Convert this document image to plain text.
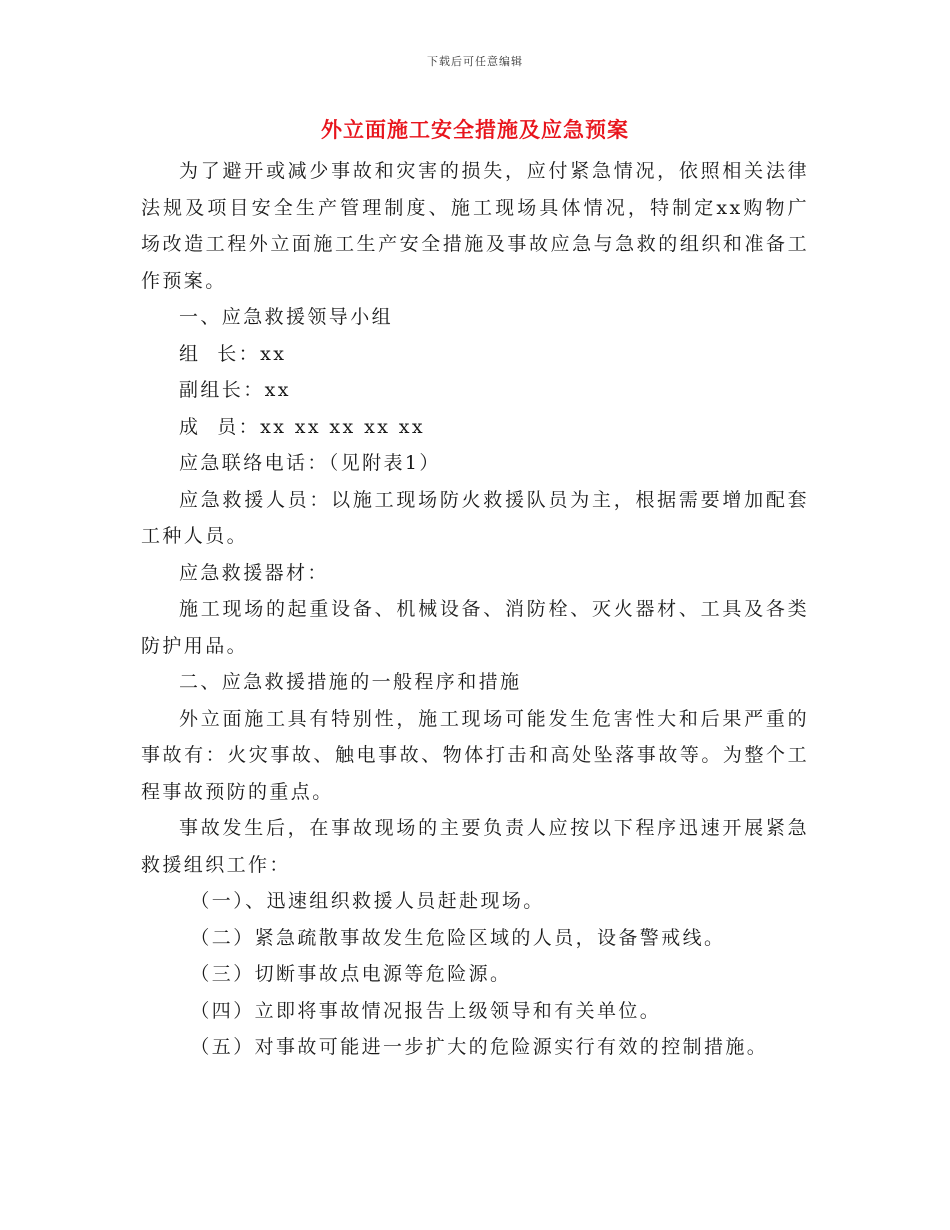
下载后可任意编辑
外立面施工安全措施及应急预案

为了避开或减少事故和灾害的损失，应付紧急情况，依照相关法律法规及项目安全生产管理制度、施工现场具体情况，特制定xx购物广场改造工程外立面施工生产安全措施及事故应急与急救的组织和准备工作预案。

一、应急救援领导小组

组  长：xx

副组长：xx

成  员：xx xx xx xx xx

应急联络电话：（见附表1）

应急救援人员：以施工现场防火救援队员为主，根据需要增加配套工种人员。

应急救援器材：

施工现场的起重设备、机械设备、消防栓、灭火器材、工具及各类防护用品。

二、应急救援措施的一般程序和措施

外立面施工具有特别性，施工现场可能发生危害性大和后果严重的事故有：火灾事故、触电事故、物体打击和高处坠落事故等。为整个工程事故预防的重点。

事故发生后，在事故现场的主要负责人应按以下程序迅速开展紧急救援组织工作：

（一）、迅速组织救援人员赶赴现场。

（二）紧急疏散事故发生危险区域的人员，设备警戒线。

（三）切断事故点电源等危险源。

（四）立即将事故情况报告上级领导和有关单位。

（五）对事故可能进一步扩大的危险源实行有效的控制措施。
